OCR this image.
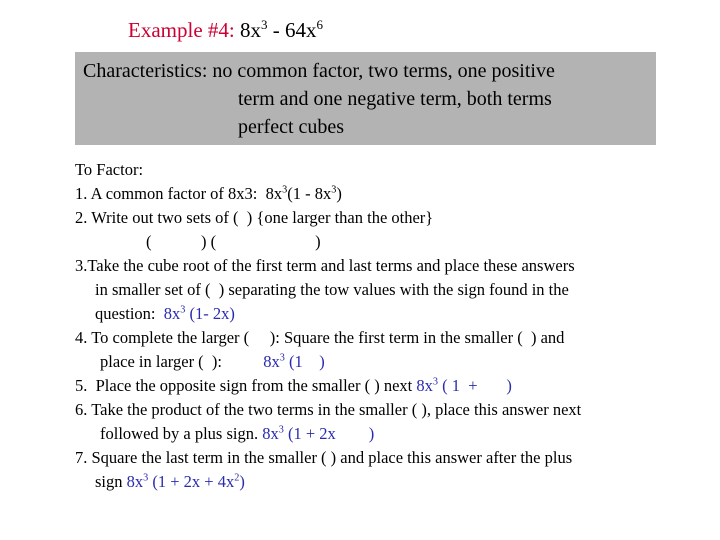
Example #4: $8x^3 - 64x^6$
Characteristics: no common factor, two terms, one positive
term and one negative term, both terms
perfect cubes
To Factor:
1. A common factor of 8x3:  $8x^3(1 - 8x^3)$
2. Write out two sets of (  ) {one larger than the other}
(            ) (                        )
3.Take the cube root of the first term and last terms and place these answers
in smaller set of (  ) separating the tow values with the sign found in the
question:  $8x^3$ (1- 2x)
4. To complete the larger (     ): Square the first term in the smaller (  ) and
place in larger (  ):          $8x^3$ (1    )
5.  Place the opposite sign from the smaller ( ) next $8x^3$ ( 1  +       )
6. Take the product of the two terms in the smaller ( ), place this answer next
followed by a plus sign. $8x^3$ (1 + 2x        )
7. Square the last term in the smaller ( ) and place this answer after the plus
sign $8x^3$ $(1 + 2x + 4x^2)$
